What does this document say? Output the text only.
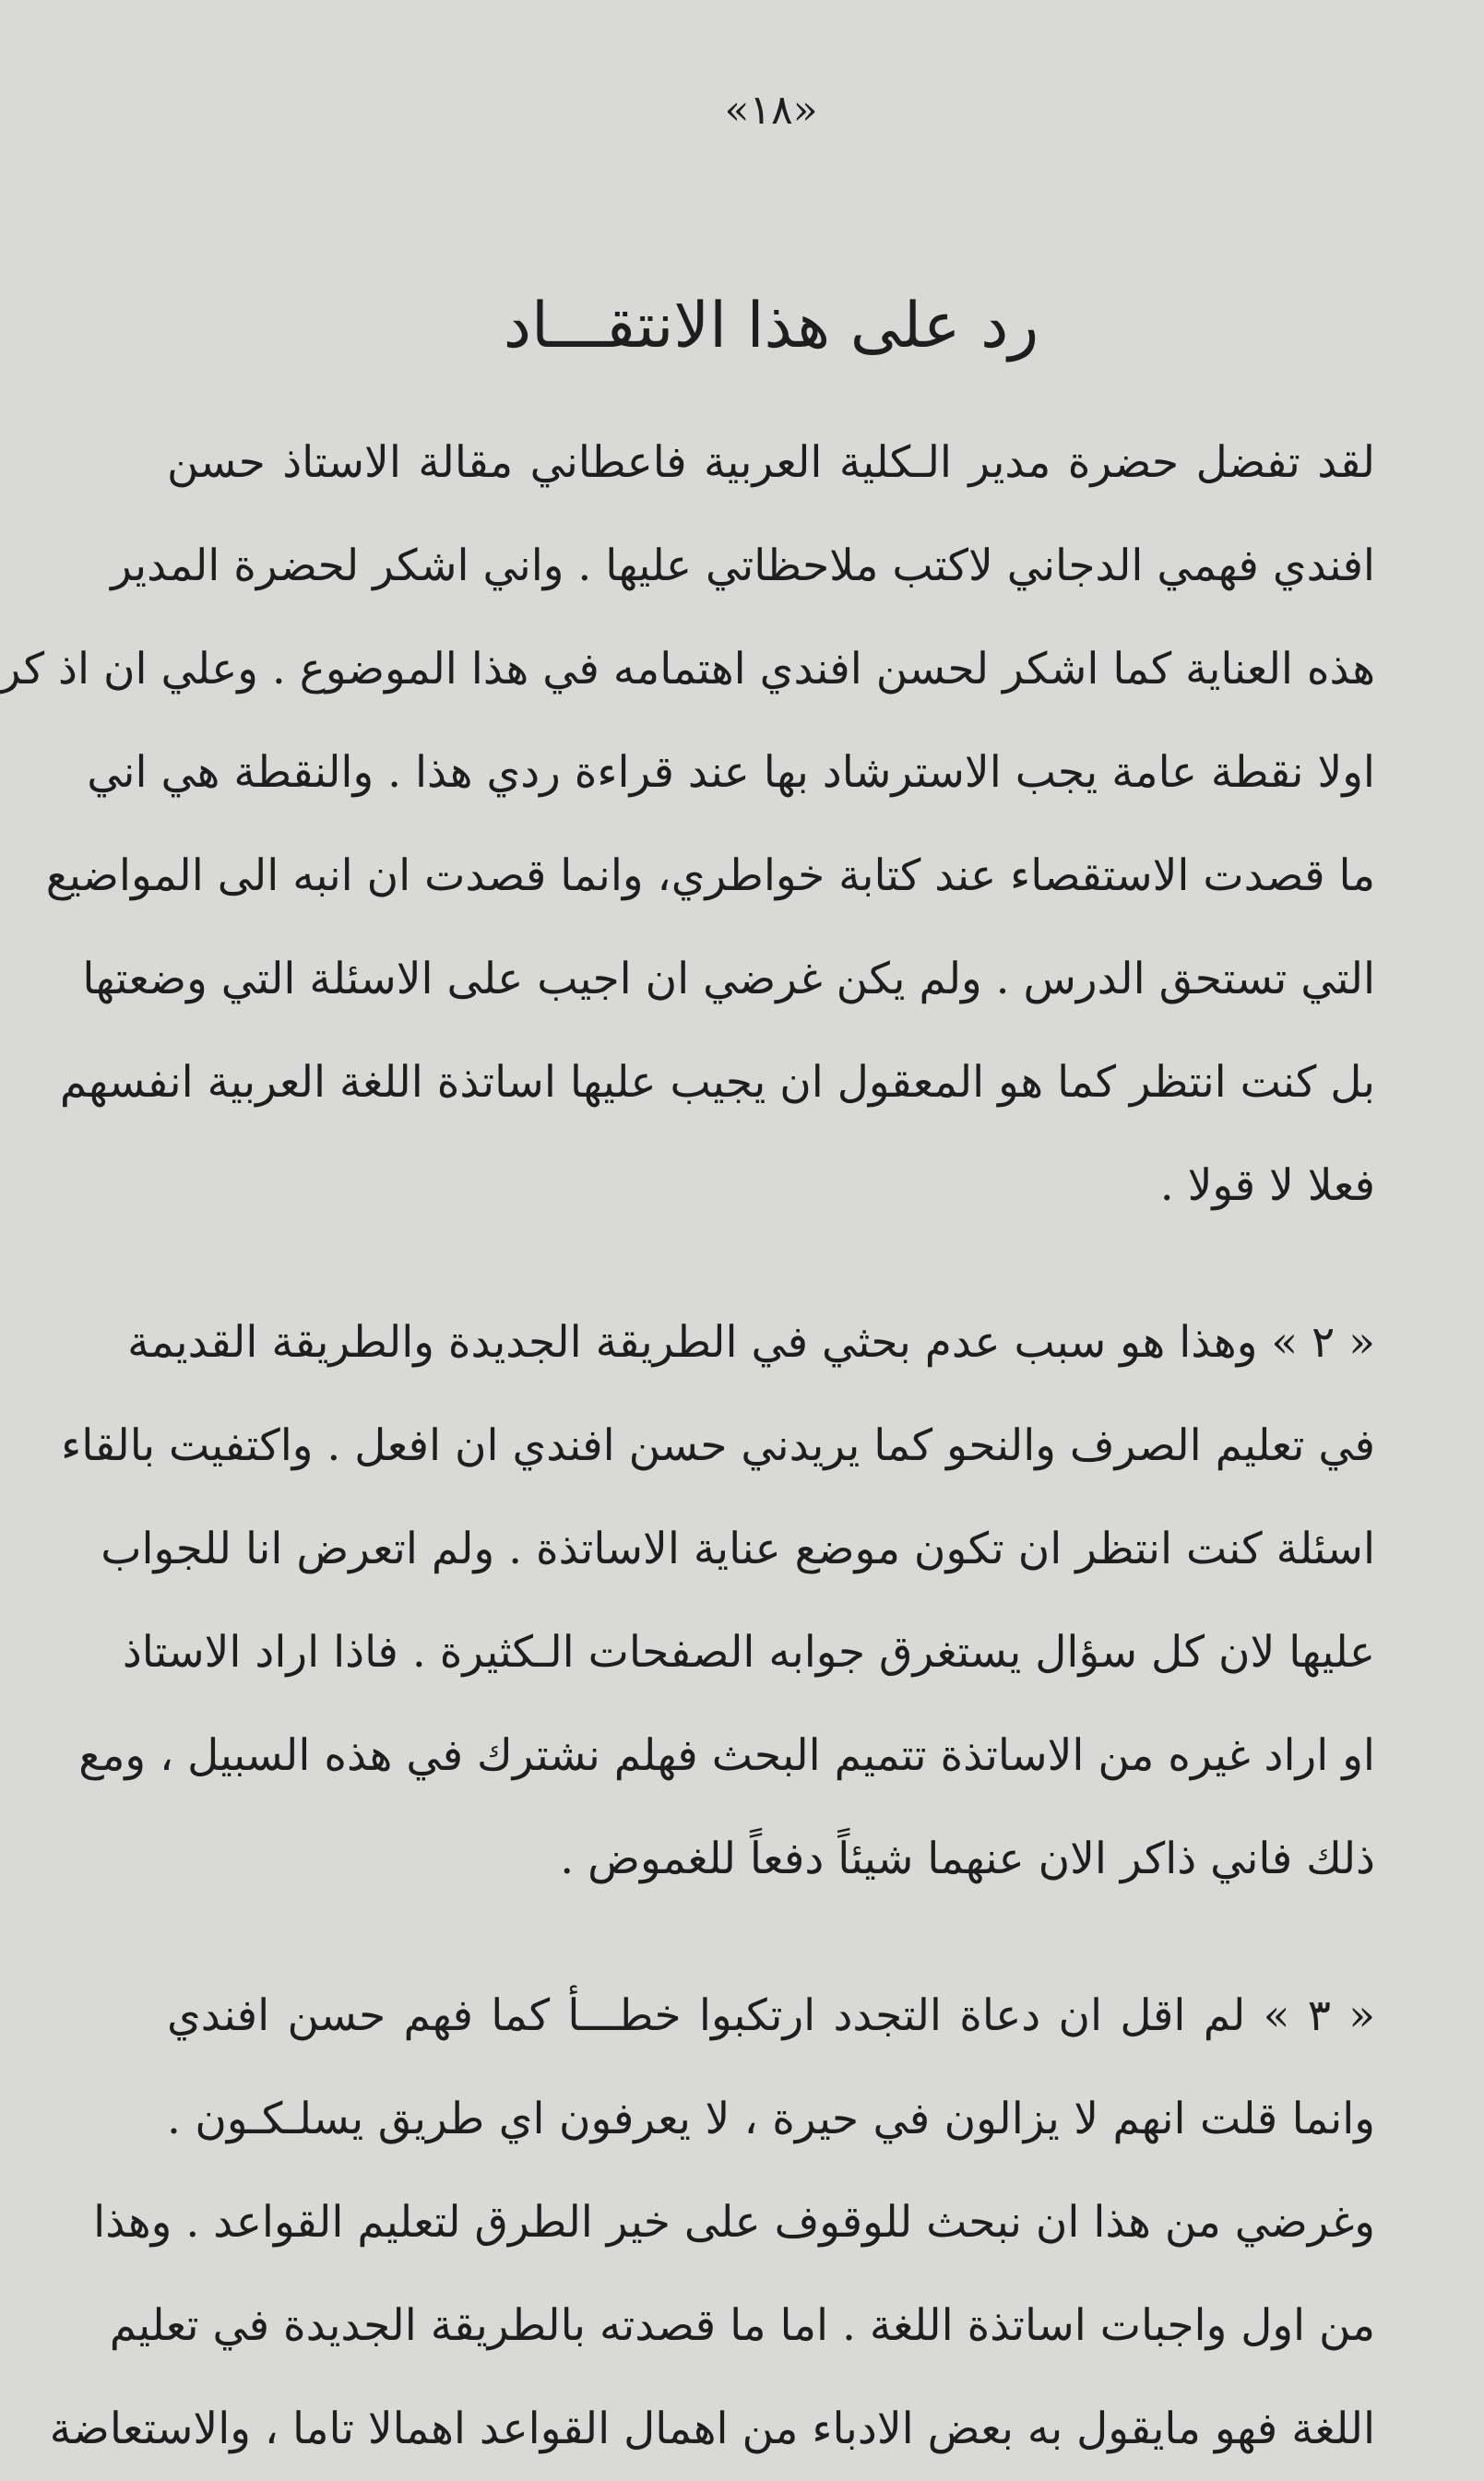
«١٨»
رد على هذا الانتقـــاد
لقد تفضل حضرة مدير الـكلية العربية فاعطاني مقالة الاستاذ حسن
افندي فهمي الدجاني لاكتب ملاحظاتي عليها . واني اشكر لحضرة المدير
هذه العناية كما اشكر لحسن افندي اهتمامه في هذا الموضوع . وعلي ان اذ كر
اولا نقطة عامة يجب الاسترشاد بها عند قراءة ردي هذا . والنقطة هي اني
ما قصدت الاستقصاء عند كتابة خواطري، وانما قصدت ان انبه الى المواضيع
التي تستحق الدرس . ولم يكن غرضي ان اجيب على الاسئلة التي وضعتها
بل كنت انتظر كما هو المعقول ان يجيب عليها اساتذة اللغة العربية انفسهم
فعلا لا قولا .
« ٢ » وهذا هو سبب عدم بحثي في الطريقة الجديدة والطريقة القديمة
في تعليم الصرف والنحو كما يريدني حسن افندي ان افعل . واكتفيت بالقاء
اسئلة كنت انتظر ان تكون موضع عناية الاساتذة . ولم اتعرض انا للجواب
عليها لان كل سؤال يستغرق جوابه الصفحات الـكثيرة . فاذا اراد الاستاذ
او اراد غيره من الاساتذة تتميم البحث فهلم نشترك في هذه السبيل ، ومع
ذلك فاني ذاكر الان عنهما شيئاً دفعاً للغموض .
« ٣ » لم اقل ان دعاة التجدد ارتكبوا خطـــأ كما فهم حسن افندي
وانما قلت انهم لا يزالون في حيرة ، لا يعرفون اي طريق يسلـكـون .
وغرضي من هذا ان نبحث للوقوف على خير الطرق لتعليم القواعد . وهذا
من اول واجبات اساتذة اللغة . اما ما قصدته بالطريقة الجديدة في تعليم
اللغة فهو مايقول به بعض الادباء من اهمال القواعد اهمالا تاما ، والاستعاضة
